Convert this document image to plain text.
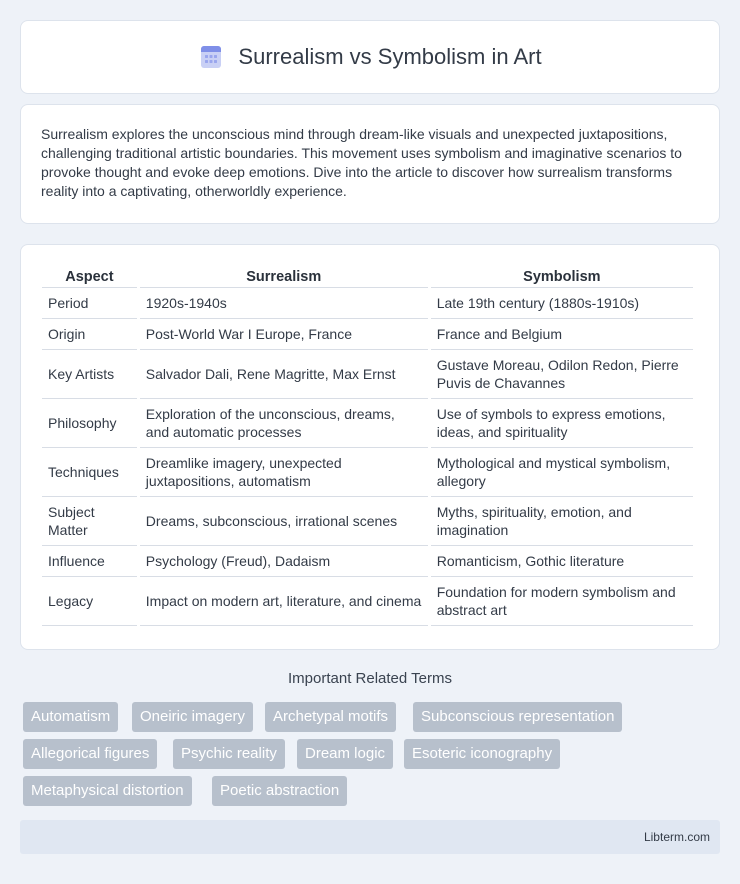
Surrealism vs Symbolism in Art

Surrealism explores the unconscious mind through dream-like visuals and unexpected juxtapositions, challenging traditional artistic boundaries. This movement uses symbolism and imaginative scenarios to provoke thought and evoke deep emotions. Dive into the article to discover how surrealism transforms reality into a captivating, otherworldly experience.

Aspect	Surrealism	Symbolism
Period	1920s-1940s	Late 19th century (1880s-1910s)
Origin	Post-World War I Europe, France	France and Belgium
Key Artists	Salvador Dali, Rene Magritte, Max Ernst	Gustave Moreau, Odilon Redon, Pierre Puvis de Chavannes
Philosophy	Exploration of the unconscious, dreams, and automatic processes	Use of symbols to express emotions, ideas, and spirituality
Techniques	Dreamlike imagery, unexpected juxtapositions, automatism	Mythological and mystical symbolism, allegory
Subject Matter	Dreams, subconscious, irrational scenes	Myths, spirituality, emotion, and imagination
Influence	Psychology (Freud), Dadaism	Romanticism, Gothic literature
Legacy	Impact on modern art, literature, and cinema	Foundation for modern symbolism and abstract art
Important Related Terms
Automatism	Oneiric imagery	Archetypal motifs	Subconscious representation
Allegorical figures	Psychic reality	Dream logic	Esoteric iconography
Metaphysical distortion	Poetic abstraction
Libterm.com
